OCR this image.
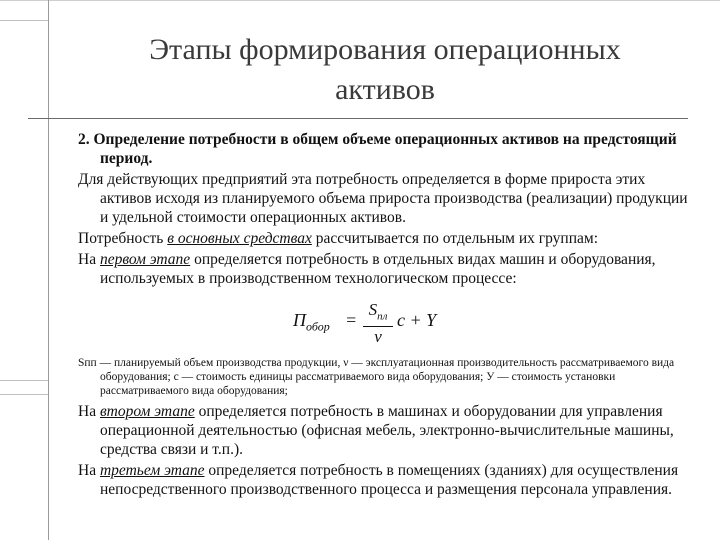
Этапы формирования операционных
активов

2. Определение потребности в общем объеме операционных активов на предстоящий период.

Для действующих предприятий эта потребность определяется в форме прироста этих активов исходя из планируемого объема прироста производства (реализации) продукции и удельной стоимости операционных активов.

Потребность в основных средствах рассчитывается по отдельным их группам:

На первом этапе определяется потребность в отдельных видах машин и оборудования, используемых в производственном технологическом процессе:

$П_{обор}$ =
$S_{пл}$
ν
c + Y

Sпп — планируемый объем производства продукции, ν — эксплуатационная производительность рассматриваемого вида оборудования; с — стоимость единицы рассматриваемого вида оборудования; У — стоимость установки рассматриваемого вида оборудования;

На втором этапе определяется потребность в машинах и оборудовании для управления операционной деятельностью (офисная мебель, электронно-вычислительные машины, средства связи и т.п.).

На третьем этапе определяется потребность в помещениях (зданиях) для осуществления непосредственного производственного процесса и размещения персонала управления.
